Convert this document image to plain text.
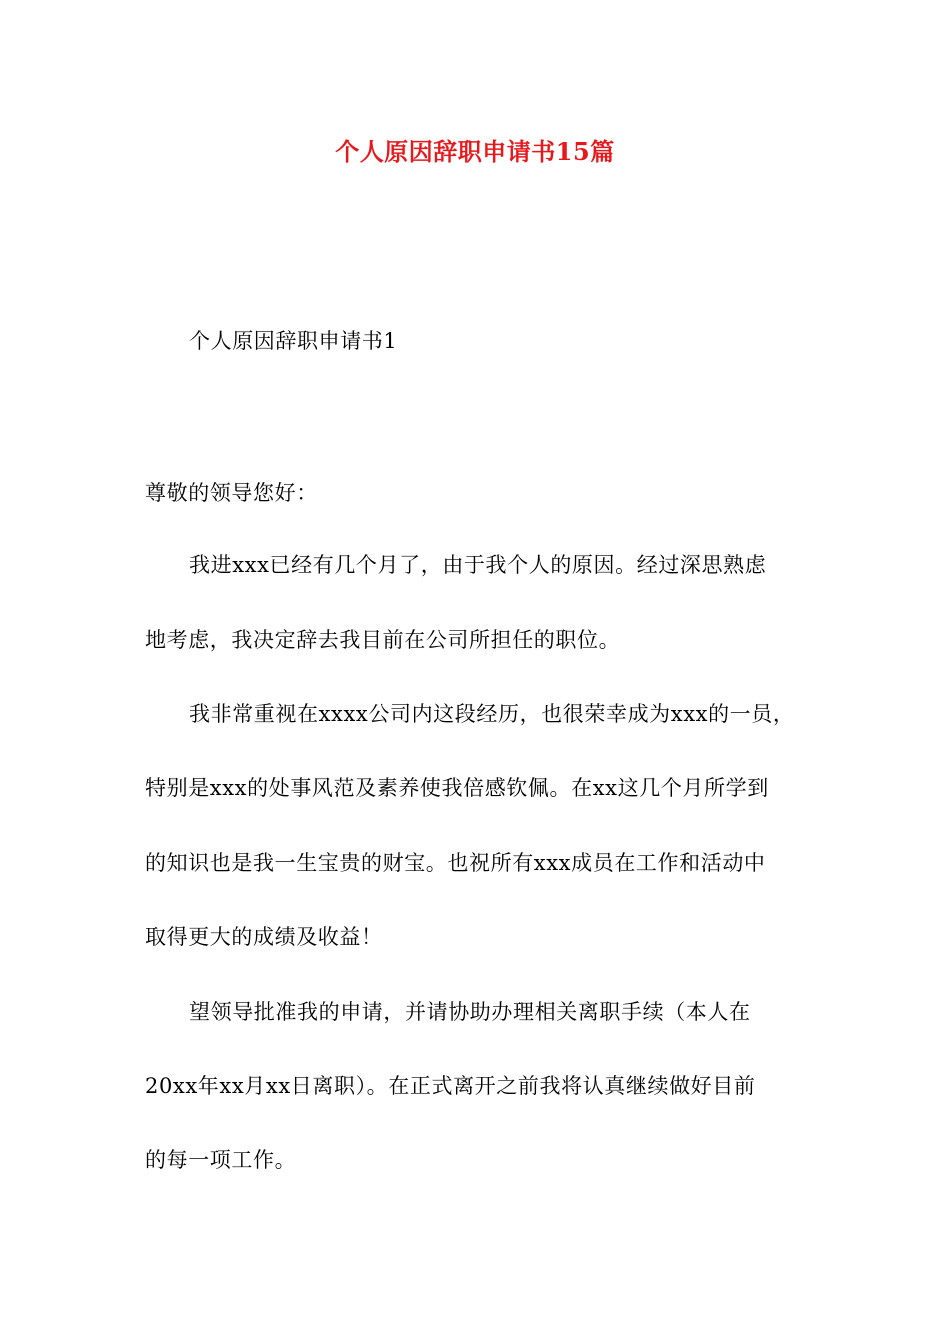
个人原因辞职申请书15篇
个人原因辞职申请书1
尊敬的领导您好：
我进xxx已经有几个月了，由于我个人的原因。经过深思熟虑
地考虑，我决定辞去我目前在公司所担任的职位。
我非常重视在xxxx公司内这段经历，也很荣幸成为xxx的一员，
特别是xxx的处事风范及素养使我倍感钦佩。在xx这几个月所学到
的知识也是我一生宝贵的财宝。也祝所有xxx成员在工作和活动中
取得更大的成绩及收益！
望领导批准我的申请，并请协助办理相关离职手续（本人在
20xx年xx月xx日离职）。在正式离开之前我将认真继续做好目前
的每一项工作。
